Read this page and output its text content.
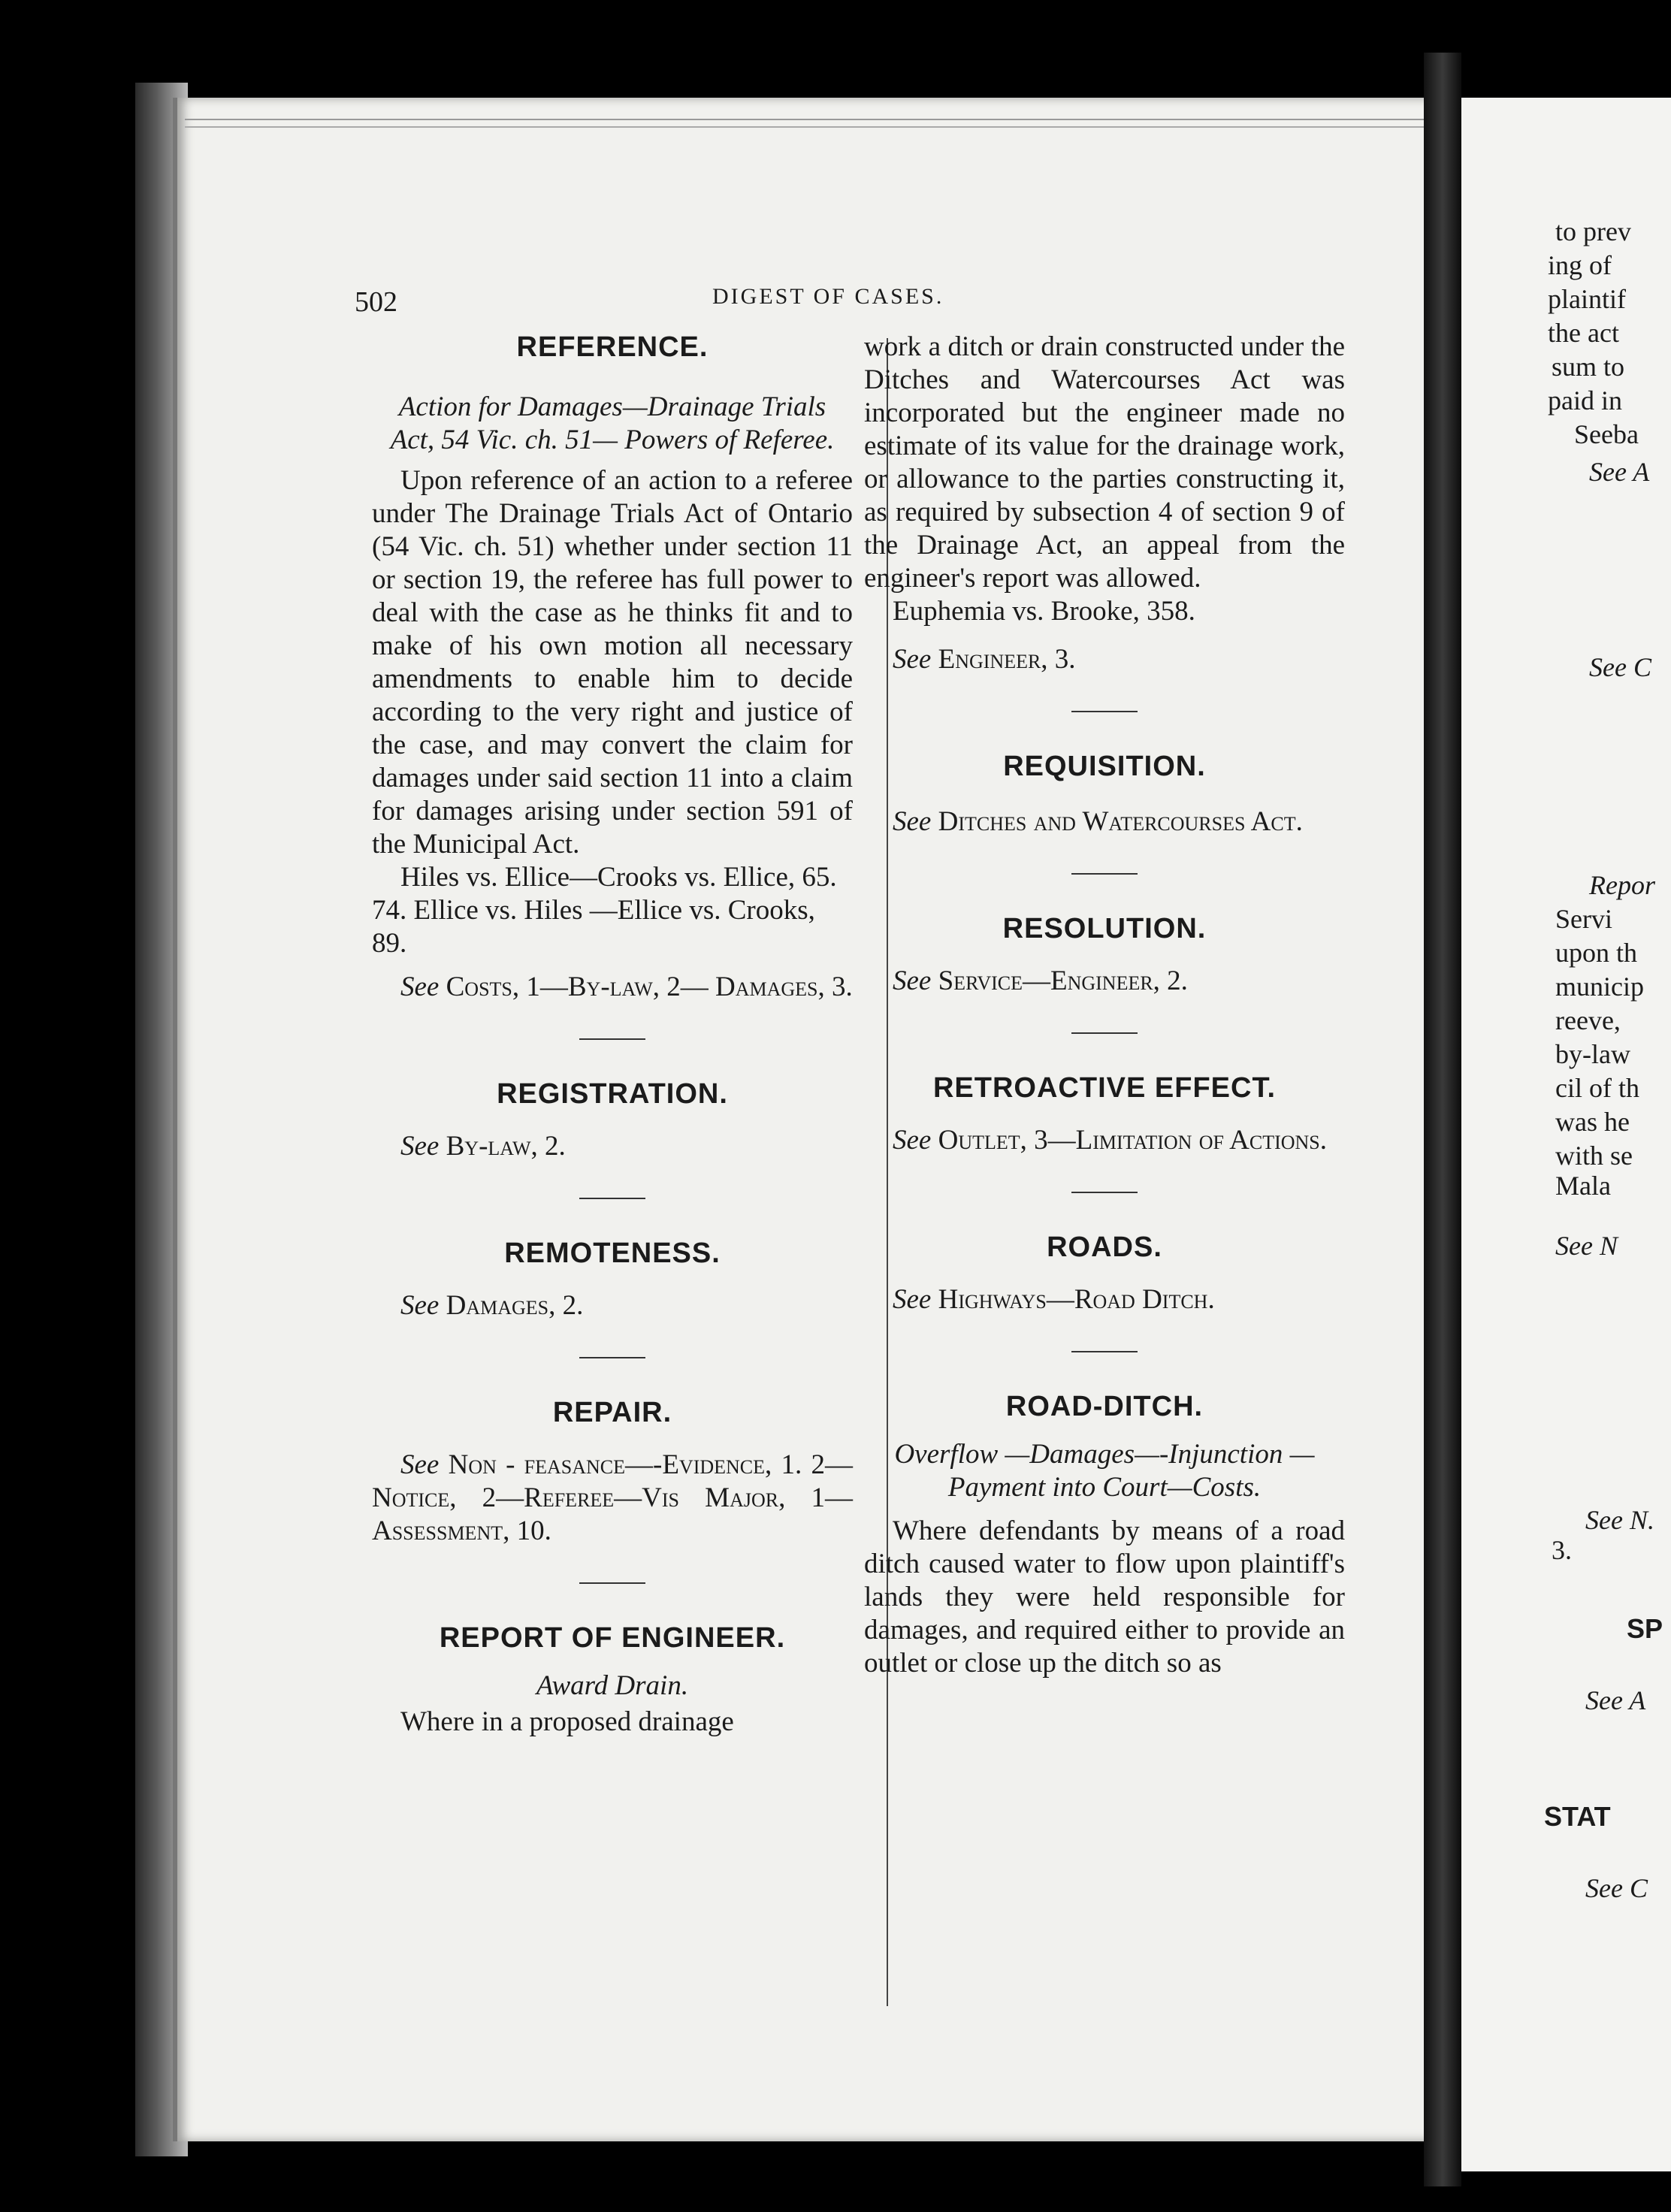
502	DIGEST OF CASES.
REFERENCE.

Action for Damages—Drainage Trials Act, 54 Vic. ch. 51— Powers of Referee.

Upon reference of an action to a referee under The Drainage Trials Act of Ontario (54 Vic. ch. 51) whether under section 11 or section 19, the referee has full power to deal with the case as he thinks fit and to make of his own motion all necessary amendments to enable him to decide according to the very right and justice of the case, and may convert the claim for damages under said section 11 into a claim for damages arising under section 591 of the Municipal Act.

Hiles vs. Ellice—Crooks vs. Ellice, 65. 74. Ellice vs. Hiles —Ellice vs. Crooks, 89.

See Costs, 1—By-law, 2— Damages, 3.

REGISTRATION.

See By-law, 2.

REMOTENESS.

See Damages, 2.

REPAIR.

See Non - feasance—-Evidence, 1. 2—Notice, 2—Referee—Vis Major, 1—Assessment, 10.

REPORT OF ENGINEER.

Award Drain.

Where in a proposed drainage

work a ditch or drain constructed under the Ditches and Watercourses Act was incorporated but the engineer made no estimate of its value for the drainage work, or allowance to the parties constructing it, as required by subsection 4 of section 9 of the Drainage Act, an appeal from the engineer's report was allowed.

Euphemia vs. Brooke, 358.

See Engineer, 3.

REQUISITION.

See Ditches and Watercourses Act.

RESOLUTION.

See Service—Engineer, 2.

RETROACTIVE EFFECT.

See Outlet, 3—Limitation of Actions.

ROADS.

See Highways—Road Ditch.

ROAD-DITCH.

Overflow —Damages—-Injunction —Payment into Court—Costs.

Where defendants by means of a road ditch caused water to flow upon plaintiff's lands they were held responsible for damages, and required either to provide an outlet or close up the ditch so as

to prev
ing of
plaintif
the act
sum to
paid in
Seeba
See A
See C
Repor
Servi
upon th
municip
reeve,
by-law
cil of th
was he
with se
Mala
See N
See N.
3.
SP
See A
STAT
See C
